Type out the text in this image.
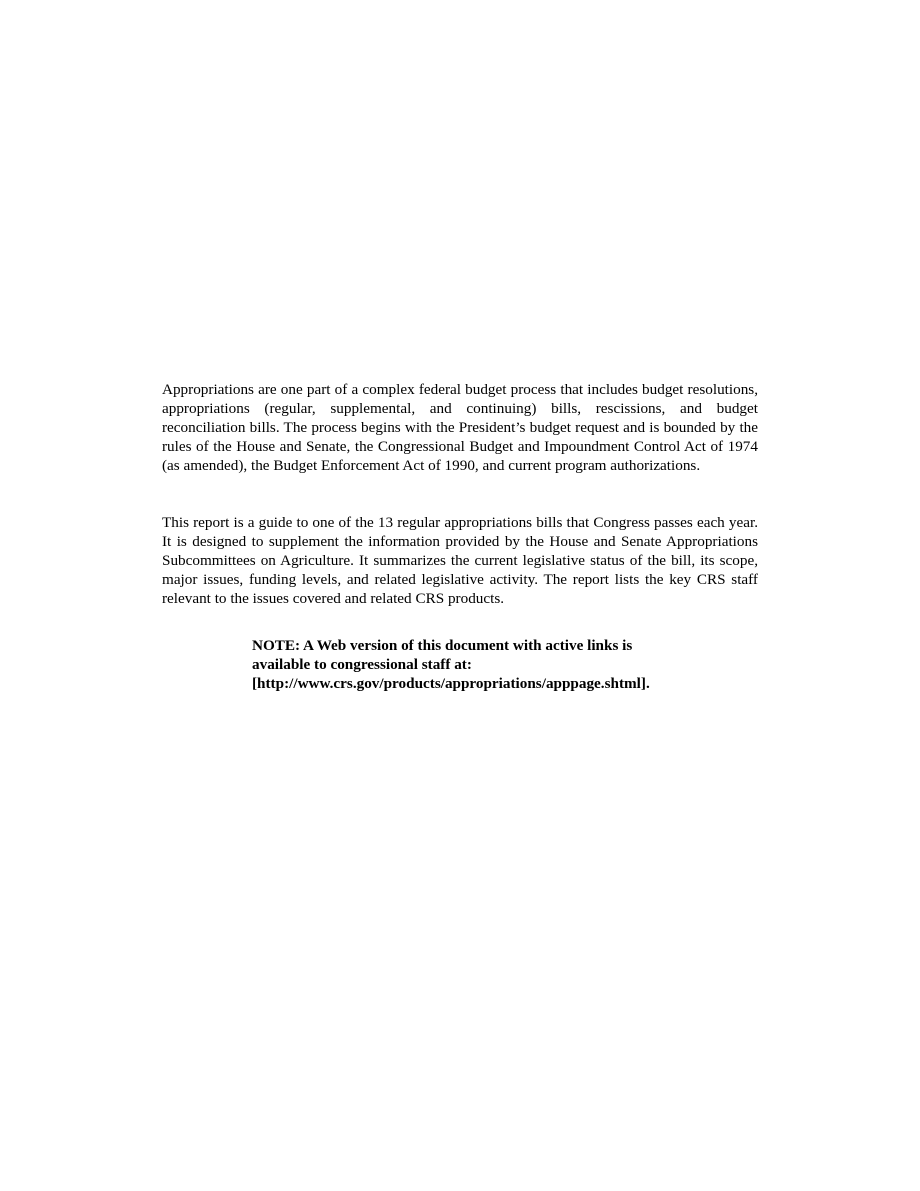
Appropriations are one part of a complex federal budget process that includes budget resolutions, appropriations (regular, supplemental, and continuing) bills, rescissions, and budget reconciliation bills. The process begins with the President’s budget request and is bounded by the rules of the House and Senate, the Congressional Budget and Impoundment Control Act of 1974 (as amended), the Budget Enforcement Act of 1990, and current program authorizations.

This report is a guide to one of the 13 regular appropriations bills that Congress passes each year. It is designed to supplement the information provided by the House and Senate Appropriations Subcommittees on Agriculture. It summarizes the current legislative status of the bill, its scope, major issues, funding levels, and related legislative activity. The report lists the key CRS staff relevant to the issues covered and related CRS products.

NOTE: A Web version of this document with active links is
available to congressional staff at:
[http://www.crs.gov/products/appropriations/apppage.shtml].
